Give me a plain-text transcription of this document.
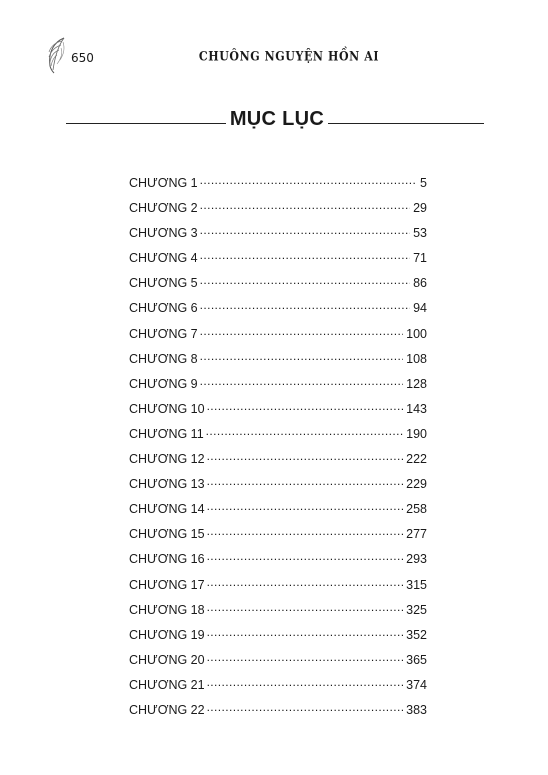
650	CHUÔNG NGUYỆN HỒN AI
MỤC LỤC
CHƯƠNG 1 .....	5
CHƯƠNG 2 .....	29
CHƯƠNG 3 .....	53
CHƯƠNG 4 .....	71
CHƯƠNG 5 .....	86
CHƯƠNG 6 .....	94
CHƯƠNG 7 .....	100
CHƯƠNG 8 .....	108
CHƯƠNG 9 .....	128
CHƯƠNG 10 .....	143
CHƯƠNG 11 .....	190
CHƯƠNG 12 .....	222
CHƯƠNG 13 .....	229
CHƯƠNG 14 .....	258
CHƯƠNG 15 .....	277
CHƯƠNG 16 .....	293
CHƯƠNG 17 .....	315
CHƯƠNG 18 .....	325
CHƯƠNG 19 .....	352
CHƯƠNG 20 .....	365
CHƯƠNG 21 .....	374
CHƯƠNG 22 .....	383
